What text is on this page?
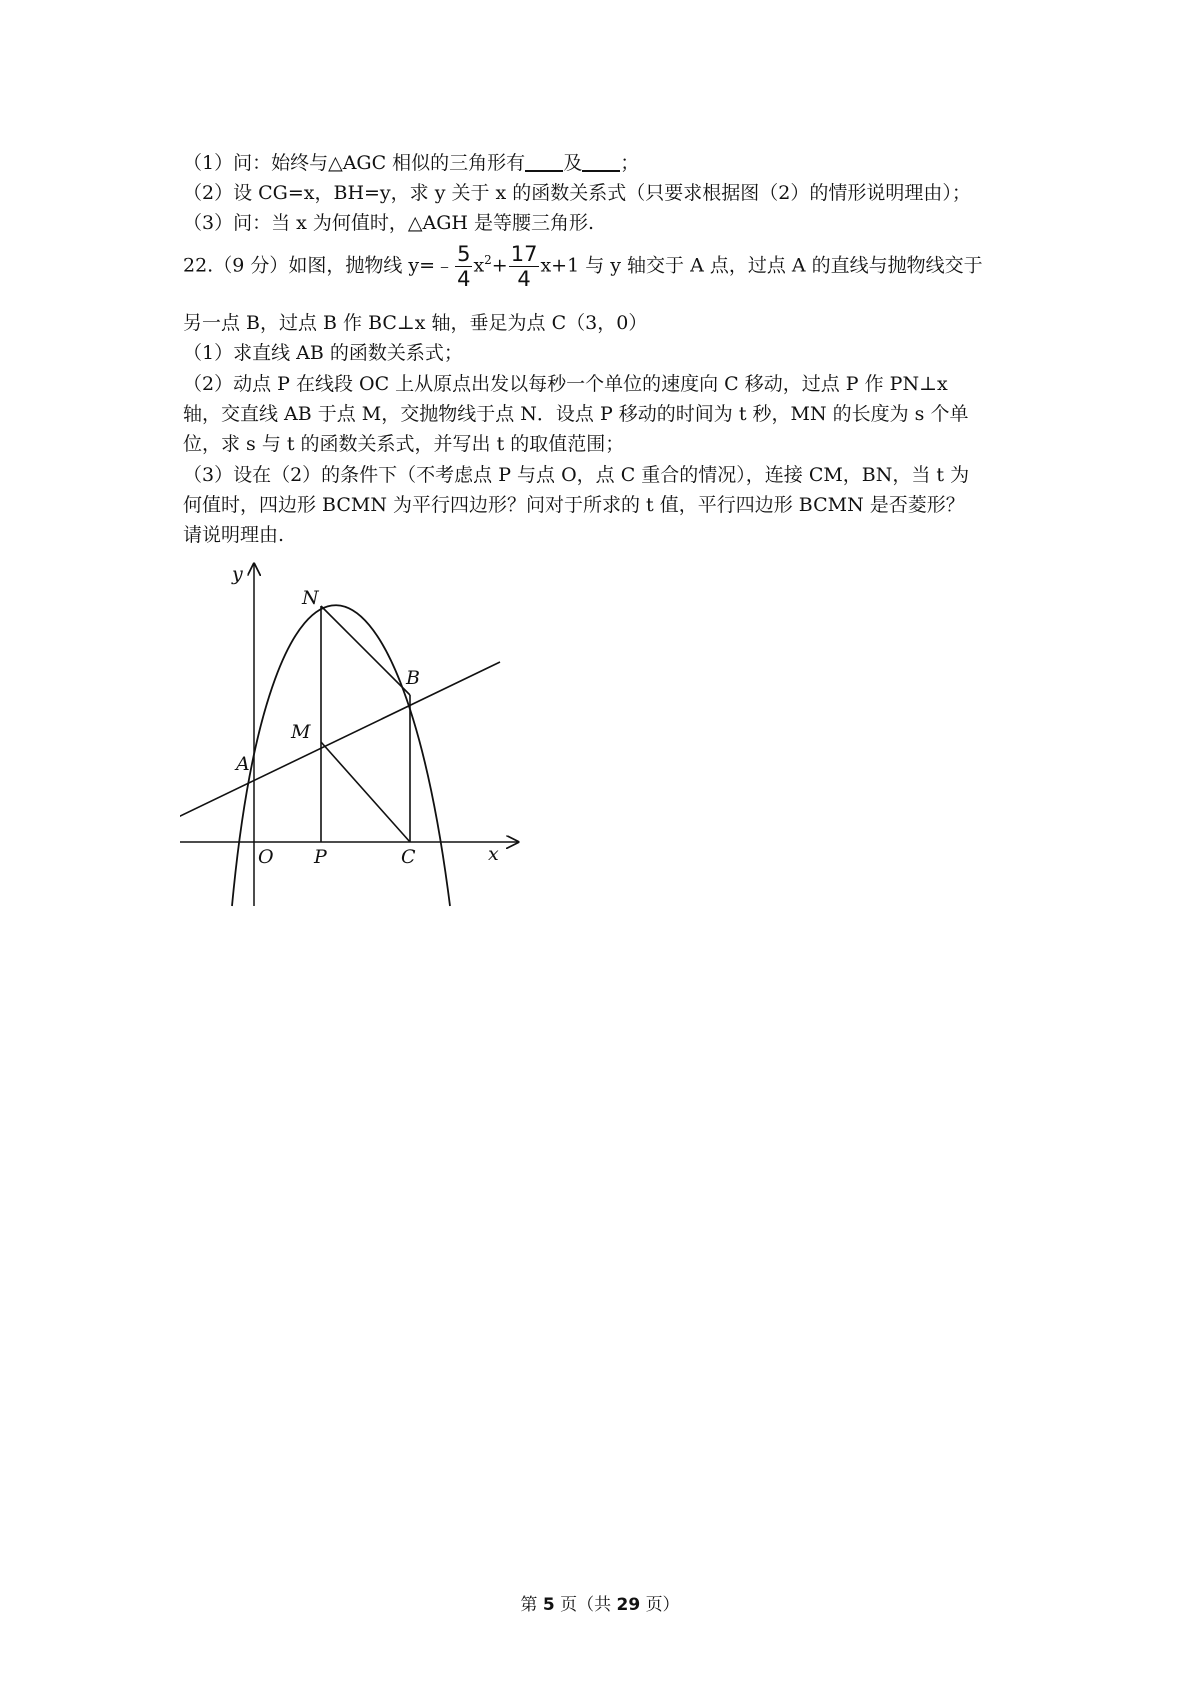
（1）问：始终与△AGC 相似的三角形有 及 ；
（2）设 CG=x，BH=y，求 y 关于 x 的函数关系式（只要求根据图（2）的情形说明理由）；
（3）问：当 x 为何值时，△AGH 是等腰三角形.
22.（9 分）如图，抛物线 y=﹣ $\frac{5}{4} x^2+ \frac{17}{4} x+1$ 与 y 轴交于 A 点，过点 A 的直线与抛物线交于
另一点 B，过点 B 作 BC⊥x 轴，垂足为点 C（3，0）
（1）求直线 AB 的函数关系式；
（2）动点 P 在线段 OC 上从原点出发以每秒一个单位的速度向 C 移动，过点 P 作 PN⊥x
轴，交直线 AB 于点 M，交抛物线于点 N．设点 P 移动的时间为 t 秒，MN 的长度为 s 个单
位，求 s 与 t 的函数关系式，并写出 t 的取值范围；
（3）设在（2）的条件下（不考虑点 P 与点 O，点 C 重合的情况），连接 CM，BN，当 t 为
何值时，四边形 BCMN 为平行四边形？问对于所求的 t 值，平行四边形 BCMN 是否菱形？
请说明理由.
y
x
N
B
M
A
O P	C
第 5 页（共 29 页）
